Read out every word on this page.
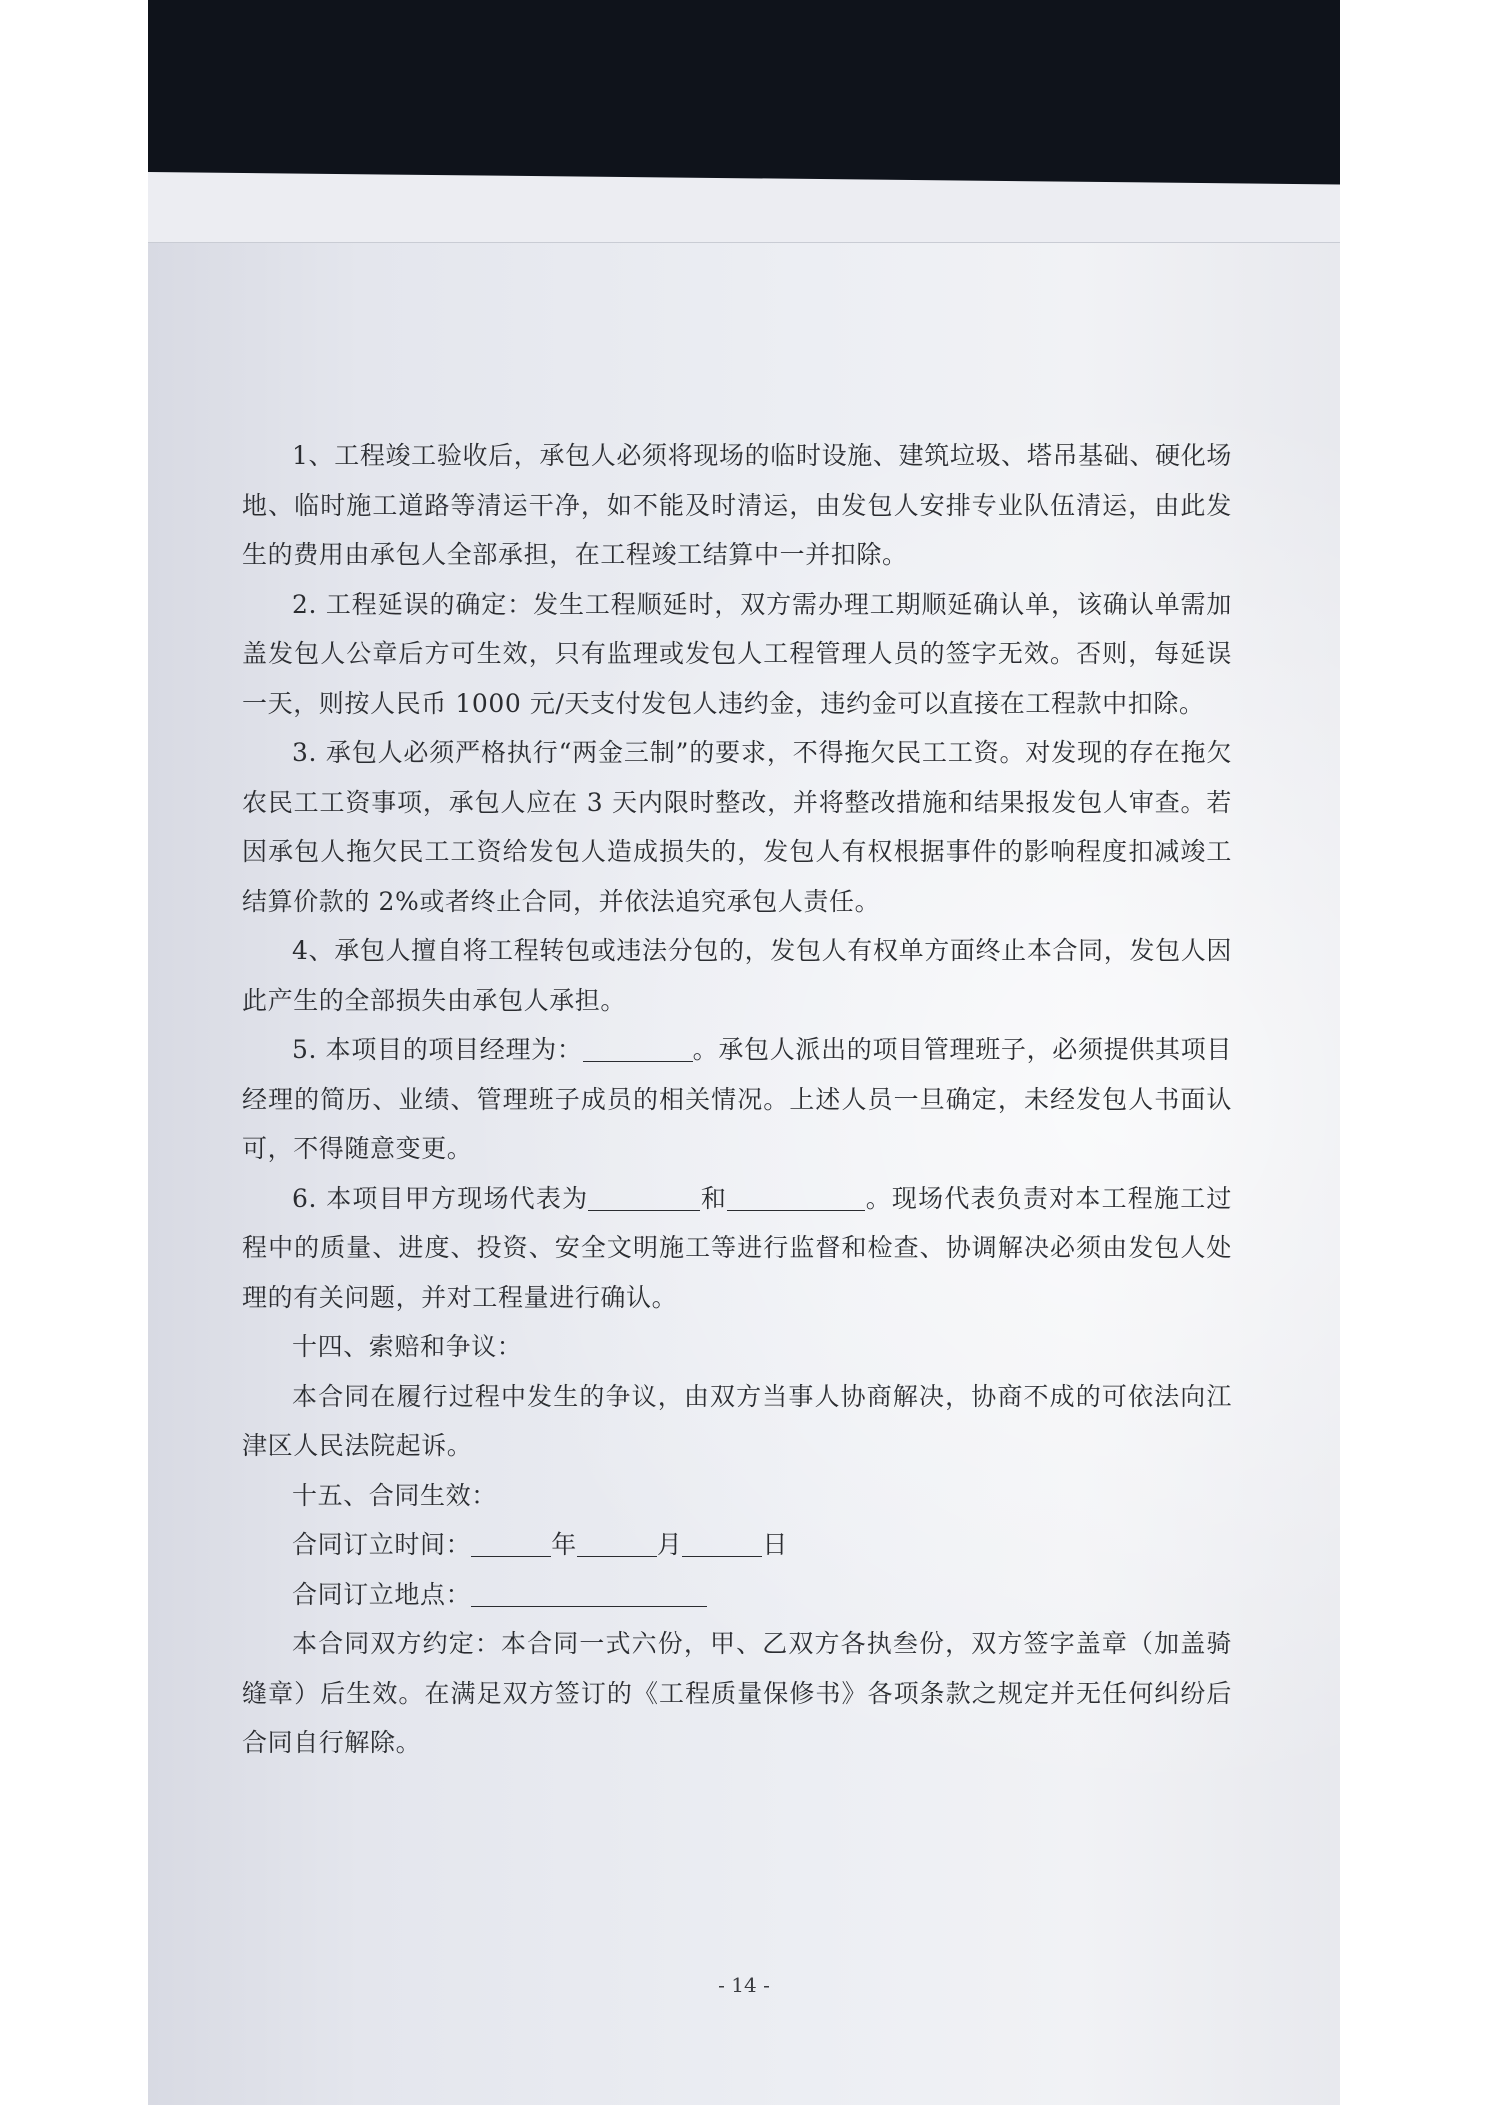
1、工程竣工验收后，承包人必须将现场的临时设施、建筑垃圾、塔吊基础、硬化场地、临时施工道路等清运干净，如不能及时清运，由发包人安排专业队伍清运，由此发生的费用由承包人全部承担，在工程竣工结算中一并扣除。

2. 工程延误的确定：发生工程顺延时，双方需办理工期顺延确认单，该确认单需加盖发包人公章后方可生效，只有监理或发包人工程管理人员的签字无效。否则，每延误一天，则按人民币 1000 元/天支付发包人违约金，违约金可以直接在工程款中扣除。

3. 承包人必须严格执行“两金三制”的要求，不得拖欠民工工资。对发现的存在拖欠农民工工资事项，承包人应在 3 天内限时整改，并将整改措施和结果报发包人审查。若因承包人拖欠民工工资给发包人造成损失的，发包人有权根据事件的影响程度扣减竣工结算价款的 2%或者终止合同，并依法追究承包人责任。

4、承包人擅自将工程转包或违法分包的，发包人有权单方面终止本合同，发包人因此产生的全部损失由承包人承担。

5. 本项目的项目经理为：	。承包人派出的项目管理班子，必须提供其项目经理的简历、业绩、管理班子成员的相关情况。上述人员一旦确定，未经发包人书面认可，不得随意变更。

6. 本项目甲方现场代表为	和	。现场代表负责对本工程施工过程中的质量、进度、投资、安全文明施工等进行监督和检查、协调解决必须由发包人处理的有关问题，并对工程量进行确认。

十四、索赔和争议：

本合同在履行过程中发生的争议，由双方当事人协商解决，协商不成的可依法向江津区人民法院起诉。

十五、合同生效：

合同订立时间：	年	月	日

合同订立地点：

本合同双方约定：本合同一式六份，甲、乙双方各执叁份，双方签字盖章（加盖骑缝章）后生效。在满足双方签订的《工程质量保修书》各项条款之规定并无任何纠纷后合同自行解除。

- 14 -
